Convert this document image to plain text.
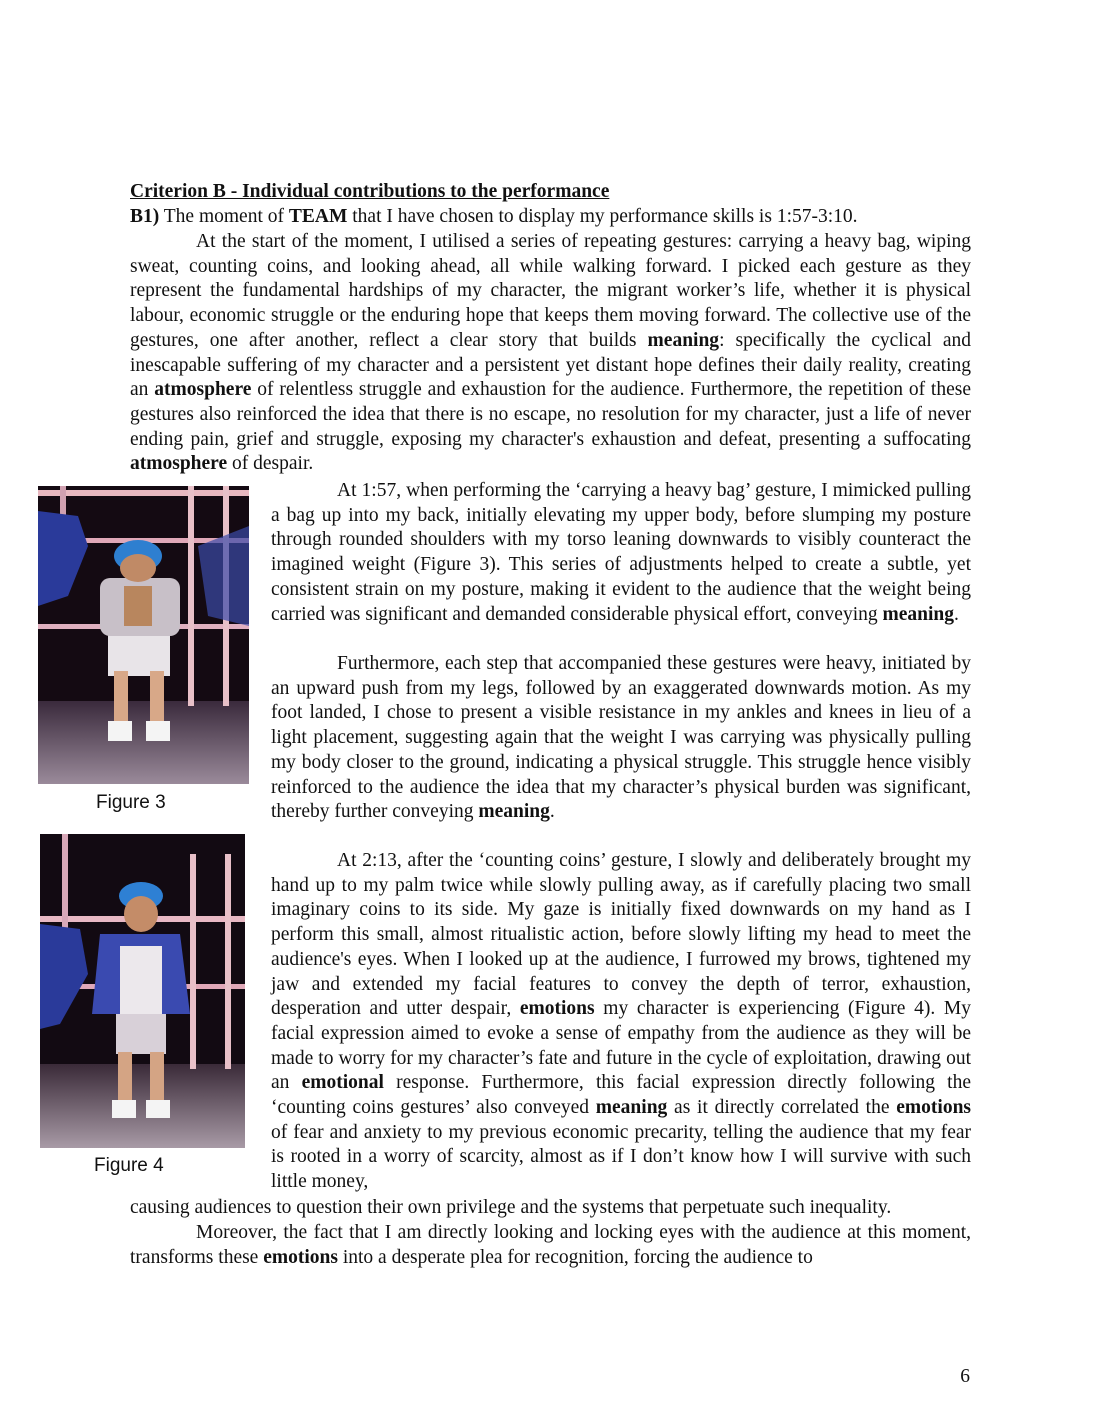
Criterion B - Individual contributions to the performance
B1) The moment of TEAM that I have chosen to display my performance skills is 1:57-3:10.

At the start of the moment, I utilised a series of repeating gestures: carrying a heavy bag, wiping sweat, counting coins, and looking ahead, all while walking forward. I picked each gesture as they represent the fundamental hardships of my character, the migrant worker’s life, whether it is physical labour, economic struggle or the enduring hope that keeps them moving forward. The collective use of the gestures, one after another, reflect a clear story that builds meaning: specifically the cyclical and inescapable suffering of my character and a persistent yet distant hope defines their daily reality, creating an atmosphere of relentless struggle and exhaustion for the audience. Furthermore, the repetition of these gestures also reinforced the idea that there is no escape, no resolution for my character, just a life of never ending pain, grief and struggle, exposing my character's exhaustion and defeat, presenting a suffocating atmosphere of despair.

Figure 3

At 1:57, when performing the ‘carrying a heavy bag’ gesture, I mimicked pulling a bag up into my back, initially elevating my upper body, before slumping my posture through rounded shoulders with my torso leaning downwards to visibly counteract the imagined weight (Figure 3). This series of adjustments helped to create a subtle, yet consistent strain on my posture, making it evident to the audience that the weight being carried was significant and demanded considerable physical effort, conveying meaning.

Furthermore, each step that accompanied these gestures were heavy, initiated by an upward push from my legs, followed by an exaggerated downwards motion. As my foot landed, I chose to present a visible resistance in my ankles and knees in lieu of a light placement, suggesting again that the weight I was carrying was physically pulling my body closer to the ground, indicating a physical struggle. This struggle hence visibly reinforced to the audience the idea that my character’s physical burden was significant, thereby further conveying meaning.

Figure 4

At 2:13, after the ‘counting coins’ gesture, I slowly and deliberately brought my hand up to my palm twice while slowly pulling away, as if carefully placing two small imaginary coins to its side. My gaze is initially fixed downwards on my hand as I perform this small, almost ritualistic action, before slowly lifting my head to meet the audience's eyes. When I looked up at the audience, I furrowed my brows, tightened my jaw and extended my facial features to convey the depth of terror, exhaustion, desperation and utter despair, emotions my character is experiencing (Figure 4). My facial expression aimed to evoke a sense of empathy from the audience as they will be made to worry for my character’s fate and future in the cycle of exploitation, drawing out an emotional response. Furthermore, this facial expression directly following the ‘counting coins gestures’ also conveyed meaning as it directly correlated the emotions of fear and anxiety to my previous economic precarity, telling the audience that my fear is rooted in a worry of scarcity, almost as if I don’t know how I will survive with such little money,

causing audiences to question their own privilege and the systems that perpetuate such inequality.

Moreover, the fact that I am directly looking and locking eyes with the audience at this moment, transforms these emotions into a desperate plea for recognition, forcing the audience to

6
